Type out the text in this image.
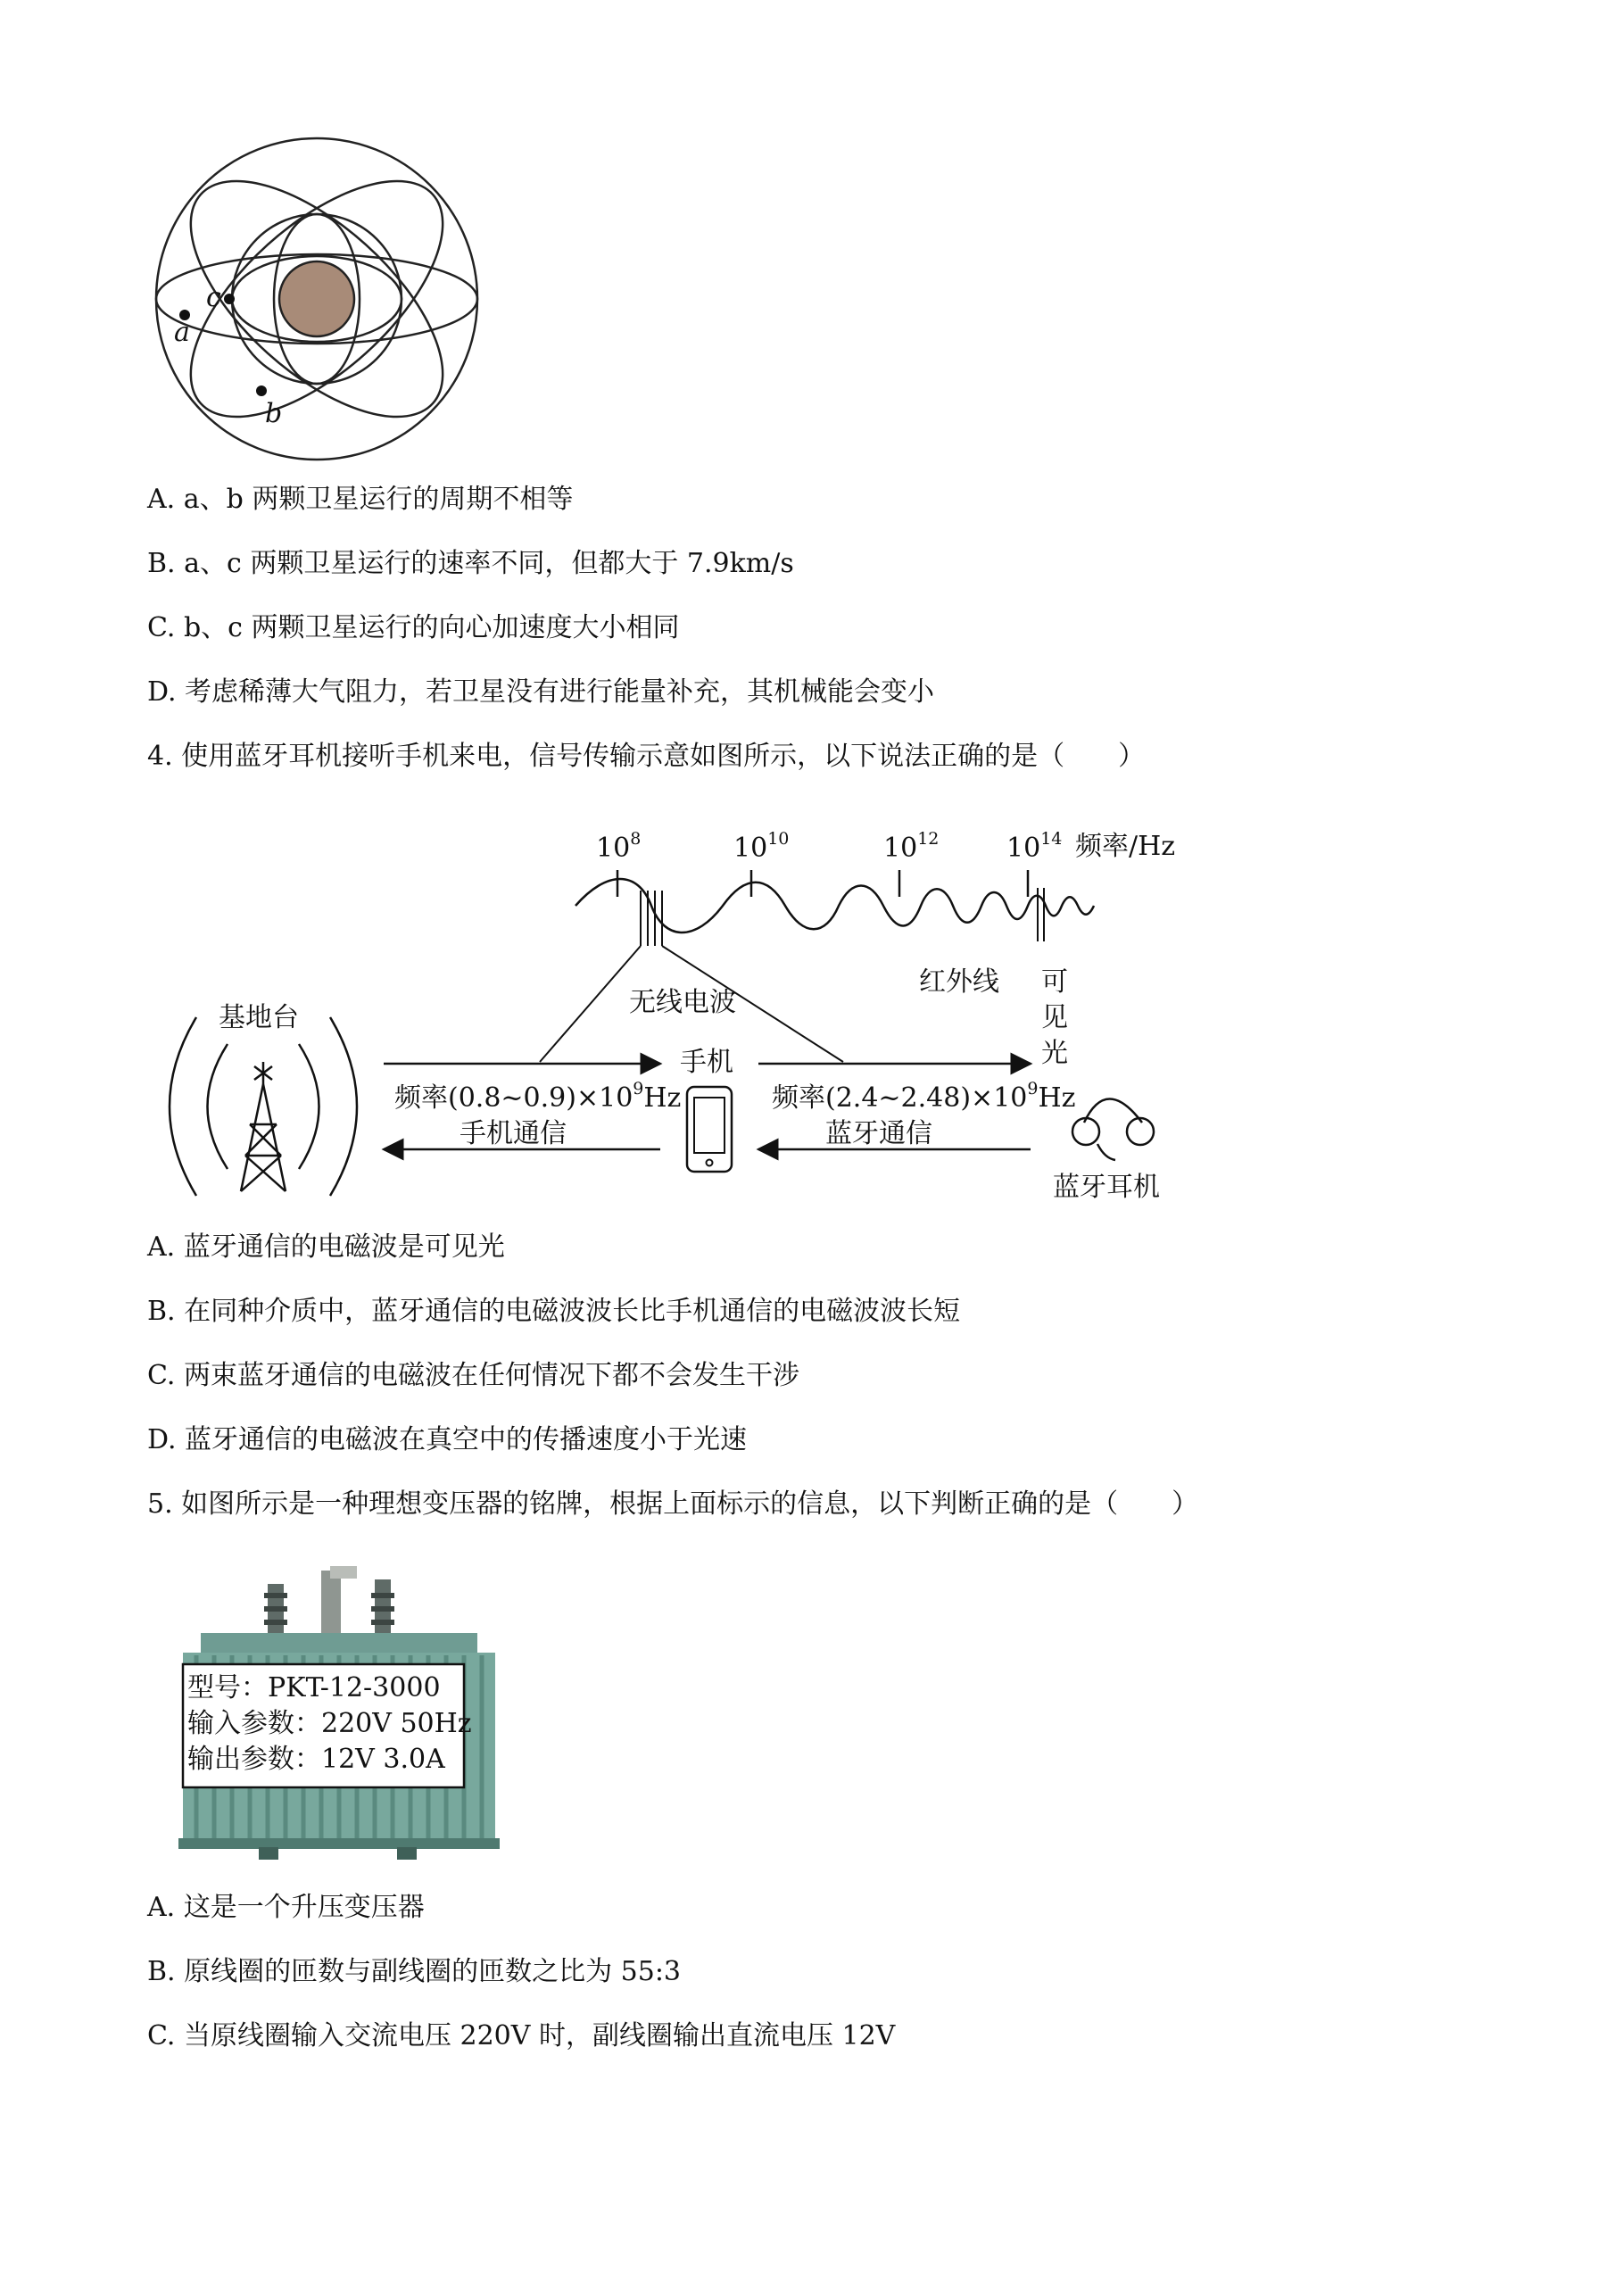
a
c
b
A. a、b 两颗卫星运行的周期不相等
B. a、c 两颗卫星运行的速率不同，但都大于 7.9km/s
C. b、c 两颗卫星运行的向心加速度大小相同
D. 考虑稀薄大气阻力，若卫星没有进行能量补充，其机械能会变小
4. 使用蓝牙耳机接听手机来电，信号传输示意如图所示，以下说法正确的是（　　）
$10^8$	$10^{10}$	$10^{12}$	$10^{14}$ 频率/Hz
红外线 可
见
光
无线电波
基地台
频率$(0.8\sim 0.9)\times 10^9Hz$
手机通信
手机
频率$(2.4\sim 2.48)\times 10^9Hz$
蓝牙通信
蓝牙耳机
A. 蓝牙通信的电磁波是可见光
B. 在同种介质中，蓝牙通信的电磁波波长比手机通信的电磁波波长短
C. 两束蓝牙通信的电磁波在任何情况下都不会发生干涉
D. 蓝牙通信的电磁波在真空中的传播速度小于光速
5. 如图所示是一种理想变压器的铭牌，根据上面标示的信息，以下判断正确的是（　　）
型号：PKT-12-3000
输入参数：220V 50Hz
输出参数：12V 3.0A
A. 这是一个升压变压器
B. 原线圈的匝数与副线圈的匝数之比为 55:3
C. 当原线圈输入交流电压 220V 时，副线圈输出直流电压 12V
